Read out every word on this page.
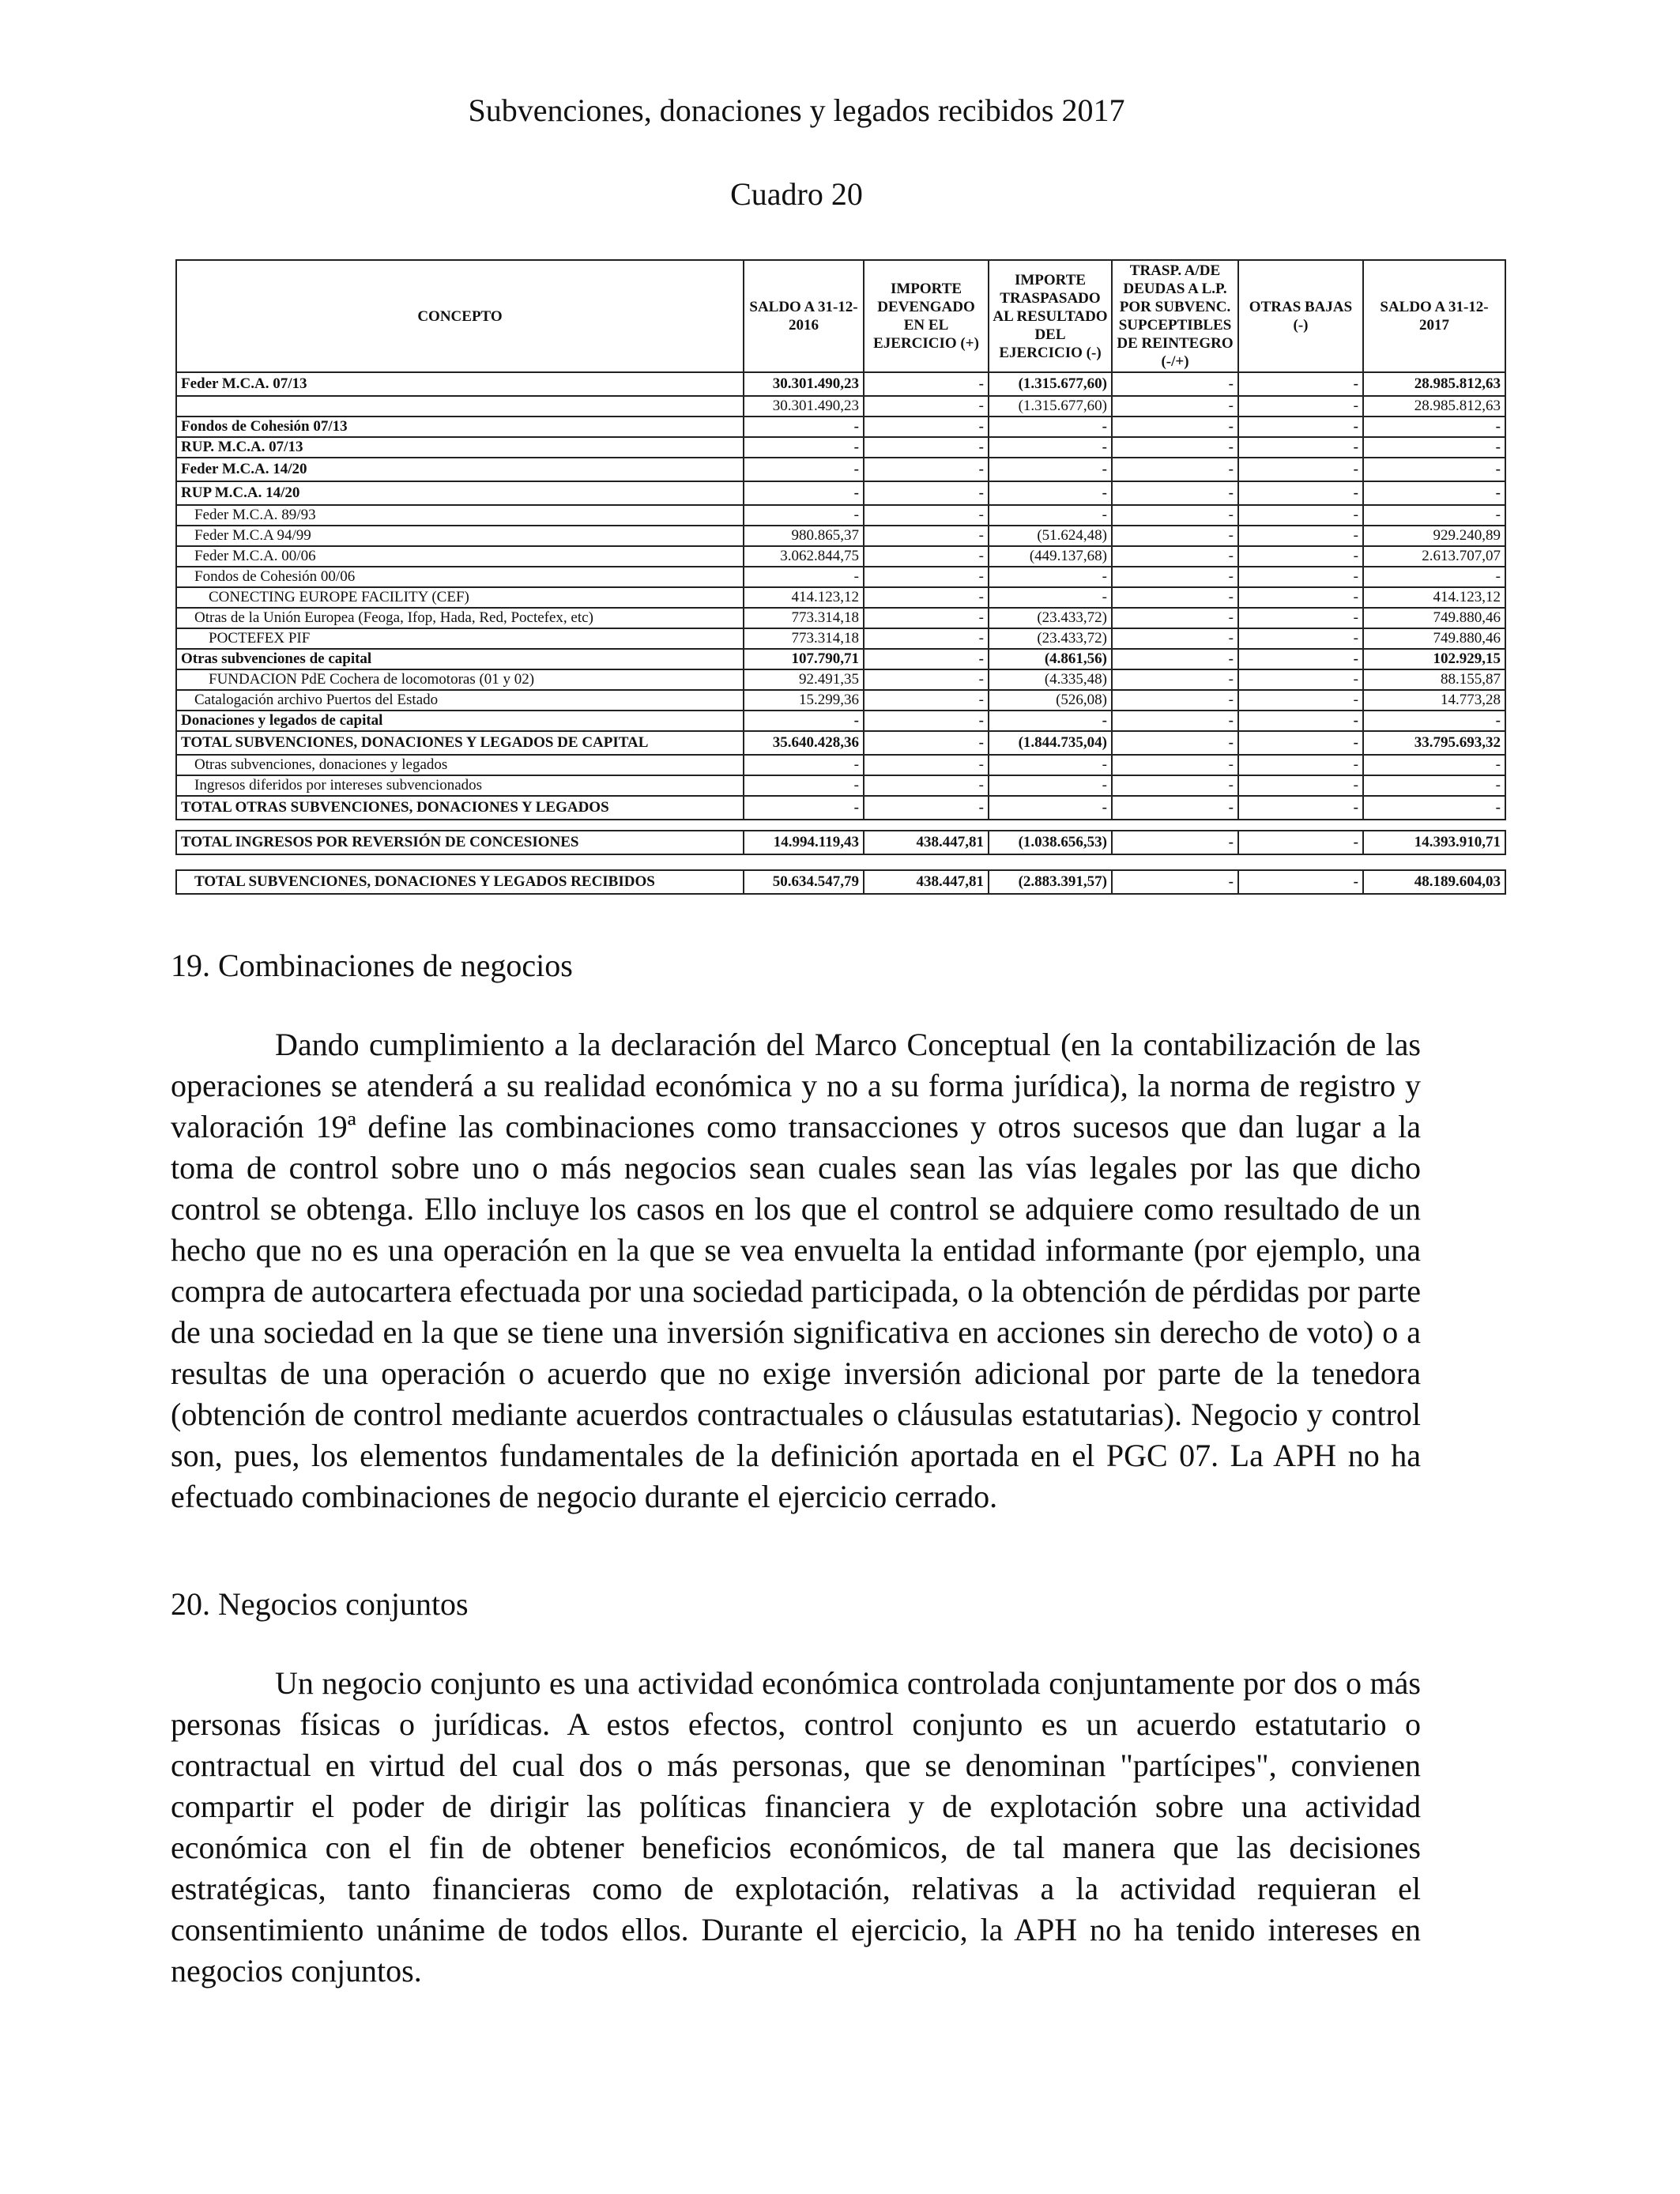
Subvenciones, donaciones y legados recibidos 2017
Cuadro 20
CONCEPTO	SALDO A 31-12-2016	IMPORTE DEVENGADO EN EL EJERCICIO (+)	IMPORTE TRASPASADO AL RESULTADO DEL EJERCICIO (-)	TRASP. A/DE DEUDAS A L.P. POR SUBVENC. SUPCEPTIBLES DE REINTEGRO (-/+)	OTRAS BAJAS (-)	SALDO A 31-12-2017
Feder M.C.A. 07/13	30.301.490,23	-	(1.315.677,60)	-	-	28.985.812,63
	30.301.490,23	-	(1.315.677,60)	-	-	28.985.812,63
Fondos de Cohesión 07/13	-	-	-	-	-	-
RUP. M.C.A. 07/13	-	-	-	-	-	-
Feder M.C.A. 14/20	-	-	-	-	-	-
RUP M.C.A. 14/20	-	-	-	-	-	-
Feder M.C.A. 89/93	-	-	-	-	-	-
Feder M.C.A 94/99	980.865,37	-	(51.624,48)	-	-	929.240,89
Feder M.C.A. 00/06	3.062.844,75	-	(449.137,68)	-	-	2.613.707,07
Fondos de Cohesión 00/06	-	-	-	-	-	-
CONECTING EUROPE FACILITY (CEF)	414.123,12	-	-	-	-	414.123,12
Otras de la Unión Europea (Feoga, Ifop, Hada, Red, Poctefex, etc)	773.314,18	-	(23.433,72)	-	-	749.880,46
POCTEFEX PIF	773.314,18	-	(23.433,72)	-	-	749.880,46
Otras subvenciones de capital	107.790,71	-	(4.861,56)	-	-	102.929,15
FUNDACION PdE Cochera de locomotoras (01 y 02)	92.491,35	-	(4.335,48)	-	-	88.155,87
Catalogación archivo Puertos del Estado	15.299,36	-	(526,08)	-	-	14.773,28
Donaciones y legados de capital	-	-	-	-	-	-
TOTAL SUBVENCIONES, DONACIONES Y LEGADOS DE CAPITAL	35.640.428,36	-	(1.844.735,04)	-	-	33.795.693,32
Otras subvenciones, donaciones y legados	-	-	-	-	-	-
Ingresos diferidos por intereses subvencionados	-	-	-	-	-	-
TOTAL OTRAS SUBVENCIONES, DONACIONES Y LEGADOS	-	-	-	-	-	-

TOTAL INGRESOS POR REVERSIÓN DE CONCESIONES	14.994.119,43	438.447,81	(1.038.656,53)	-	-	14.393.910,71

TOTAL SUBVENCIONES, DONACIONES Y LEGADOS RECIBIDOS	50.634.547,79	438.447,81	(2.883.391,57)	-	-	48.189.604,03
19. Combinaciones de negocios
Dando cumplimiento a la declaración del Marco Conceptual (en la contabilización de las operaciones se atenderá a su realidad económica y no a su forma jurídica), la norma de registro y valoración 19ª define las combinaciones como transacciones y otros sucesos que dan lugar a la toma de control sobre uno o más negocios sean cuales sean las vías legales por las que dicho control se obtenga. Ello incluye los casos en los que el control se adquiere como resultado de un hecho que no es una operación en la que se vea envuelta la entidad informante (por ejemplo, una compra de autocartera efectuada por una sociedad participada, o la obtención de pérdidas por parte de una sociedad en la que se tiene una inversión significativa en acciones sin derecho de voto) o a resultas de una operación o acuerdo que no exige inversión adicional por parte de la tenedora (obtención de control mediante acuerdos contractuales o cláusulas estatutarias). Negocio y control son, pues, los elementos fundamentales de la definición aportada en el PGC 07. La APH no ha efectuado combinaciones de negocio durante el ejercicio cerrado.
20. Negocios conjuntos
Un negocio conjunto es una actividad económica controlada conjuntamente por dos o más personas físicas o jurídicas. A estos efectos, control conjunto es un acuerdo estatutario o contractual en virtud del cual dos o más personas, que se denominan "partícipes", convienen compartir el poder de dirigir las políticas financiera y de explotación sobre una actividad económica con el fin de obtener beneficios económicos, de tal manera que las decisiones estratégicas, tanto financieras como de explotación, relativas a la actividad requieran el consentimiento unánime de todos ellos. Durante el ejercicio, la APH no ha tenido intereses en negocios conjuntos.
